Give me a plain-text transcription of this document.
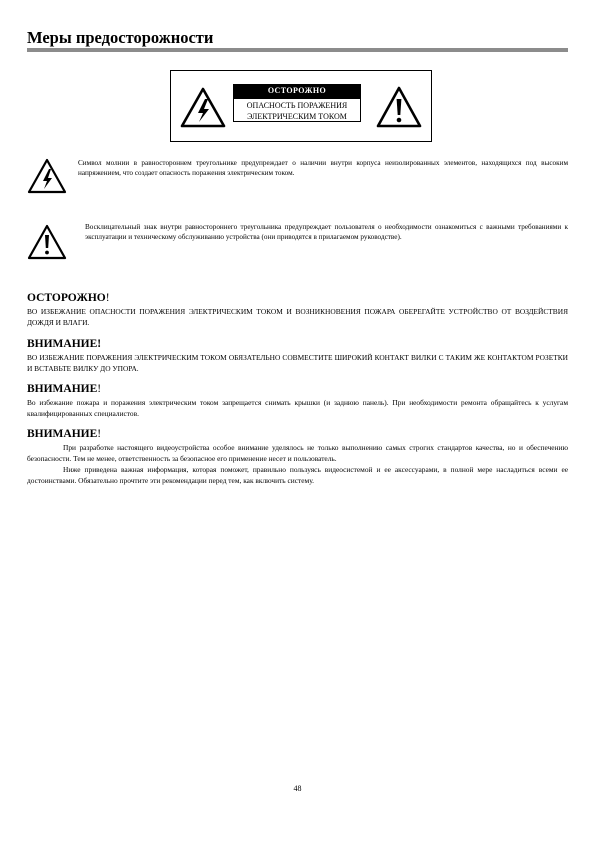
Меры предосторожности
ОСТОРОЖНО
ОПАСНОСТЬ ПОРАЖЕНИЯ
ЭЛЕКТРИЧЕСКИМ ТОКОМ
Символ молнии в равностороннем треугольнике предупреждает о наличии внутри корпуса неизолированных элементов, находящихся под высоким напряжением, что создает опасность поражения электрическим током.
Восклицательный знак внутри равностороннего треугольника предупреждает пользователя о необходимости ознакомиться с важными требованиями к эксплуатации и техническому обслуживанию устройства (они приводятся в прилагаемом руководстве).

ОСТОРОЖНО!

ВО ИЗБЕЖАНИЕ ОПАСНОСТИ ПОРАЖЕНИЯ ЭЛЕКТРИЧЕСКИМ ТОКОМ И ВОЗНИКНОВЕНИЯ ПОЖАРА ОБЕРЕГАЙТЕ УСТРОЙСТВО ОТ ВОЗДЕЙСТВИЯ ДОЖДЯ И ВЛАГИ.

ВНИМАНИЕ!

ВО ИЗБЕЖАНИЕ ПОРАЖЕНИЯ ЭЛЕКТРИЧЕСКИМ ТОКОМ ОБЯЗАТЕЛЬНО СОВМЕСТИТЕ ШИРОКИЙ КОНТАКТ ВИЛКИ С ТАКИМ ЖЕ КОНТАКТОМ РОЗЕТКИ И ВСТАВЬТЕ ВИЛКУ ДО УПОРА.

ВНИМАНИЕ!

Во избежание пожара и поражения электрическим током запрещается снимать крышки (и заднюю панель). При необходимости ремонта обращайтесь к услугам квалифицированных специалистов.

ВНИМАНИЕ!

При разработке настоящего видеоустройства особое внимание уделялось не только выполнению самых строгих стандартов качества, но и обеспечению безопасности. Тем не менее, ответственность за безопасное его применение несет и пользователь.

Ниже приведена важная информация, которая поможет, правильно пользуясь видеосистемой и ее аксессуарами, в полной мере насладиться всеми ее достоинствами. Обязательно прочтите эти рекомендации перед тем, как включить систему.

48
